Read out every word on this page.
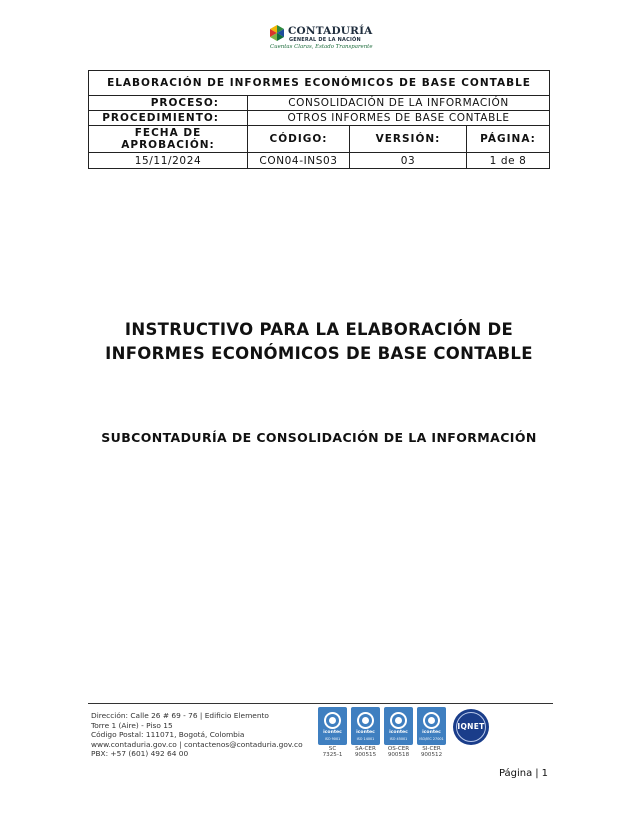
CONTADURÍA
GENERAL DE LA NACIÓN
Cuentas Claras, Estado Transparente
ELABORACIÓN DE INFORMES ECONÓMICOS DE BASE CONTABLE			
PROCESO:	CONSOLIDACIÓN DE LA INFORMACIÓN		
PROCEDIMIENTO:	OTROS INFORMES DE BASE CONTABLE		
FECHA DE APROBACIÓN:	CÓDIGO:	VERSIÓN:	PÁGINA:
15/11/2024	CON04-INS03	03	1 de 8
INSTRUCTIVO PARA LA ELABORACIÓN DE
INFORMES ECONÓMICOS DE BASE CONTABLE
SUBCONTADURÍA DE CONSOLIDACIÓN DE LA INFORMACIÓN
Dirección: Calle 26 # 69 - 76 | Edificio Elemento
Torre 1 (Aire) - Piso 15
Código Postal: 111071, Bogotá, Colombia
www.contaduria.gov.co | contactenos@contaduria.gov.co
PBX: +57 (601) 492 64 00
icontec
ISO 9001
SC
7325-1
icontec
ISO 14001
SA-CER
900515
icontec
ISO 45001
OS-CER
900518
icontec
ISO/IEC 27001
SI-CER
900512
IQNET
Página | 1
